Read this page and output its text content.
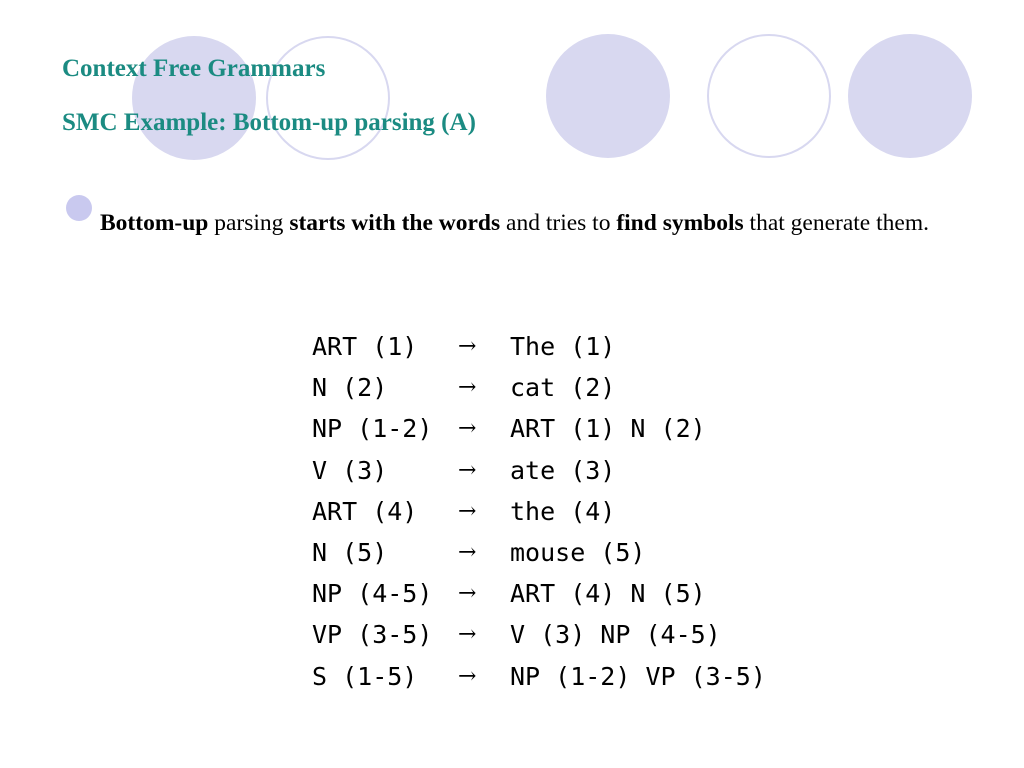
Context Free Grammars
SMC Example: Bottom-up parsing (A)

Bottom-up parsing starts with the words and tries to find symbols that generate them.

ART (1)	→	The (1)
N (2)	→	cat (2)
NP (1-2)	→	ART (1) N (2)
V (3)	→	ate (3)
ART (4)	→	the (4)
N (5)	→	mouse (5)
NP (4-5)	→	ART (4) N (5)
VP (3-5)	→	V (3) NP (4-5)
S (1-5)	→	NP (1-2) VP (3-5)
